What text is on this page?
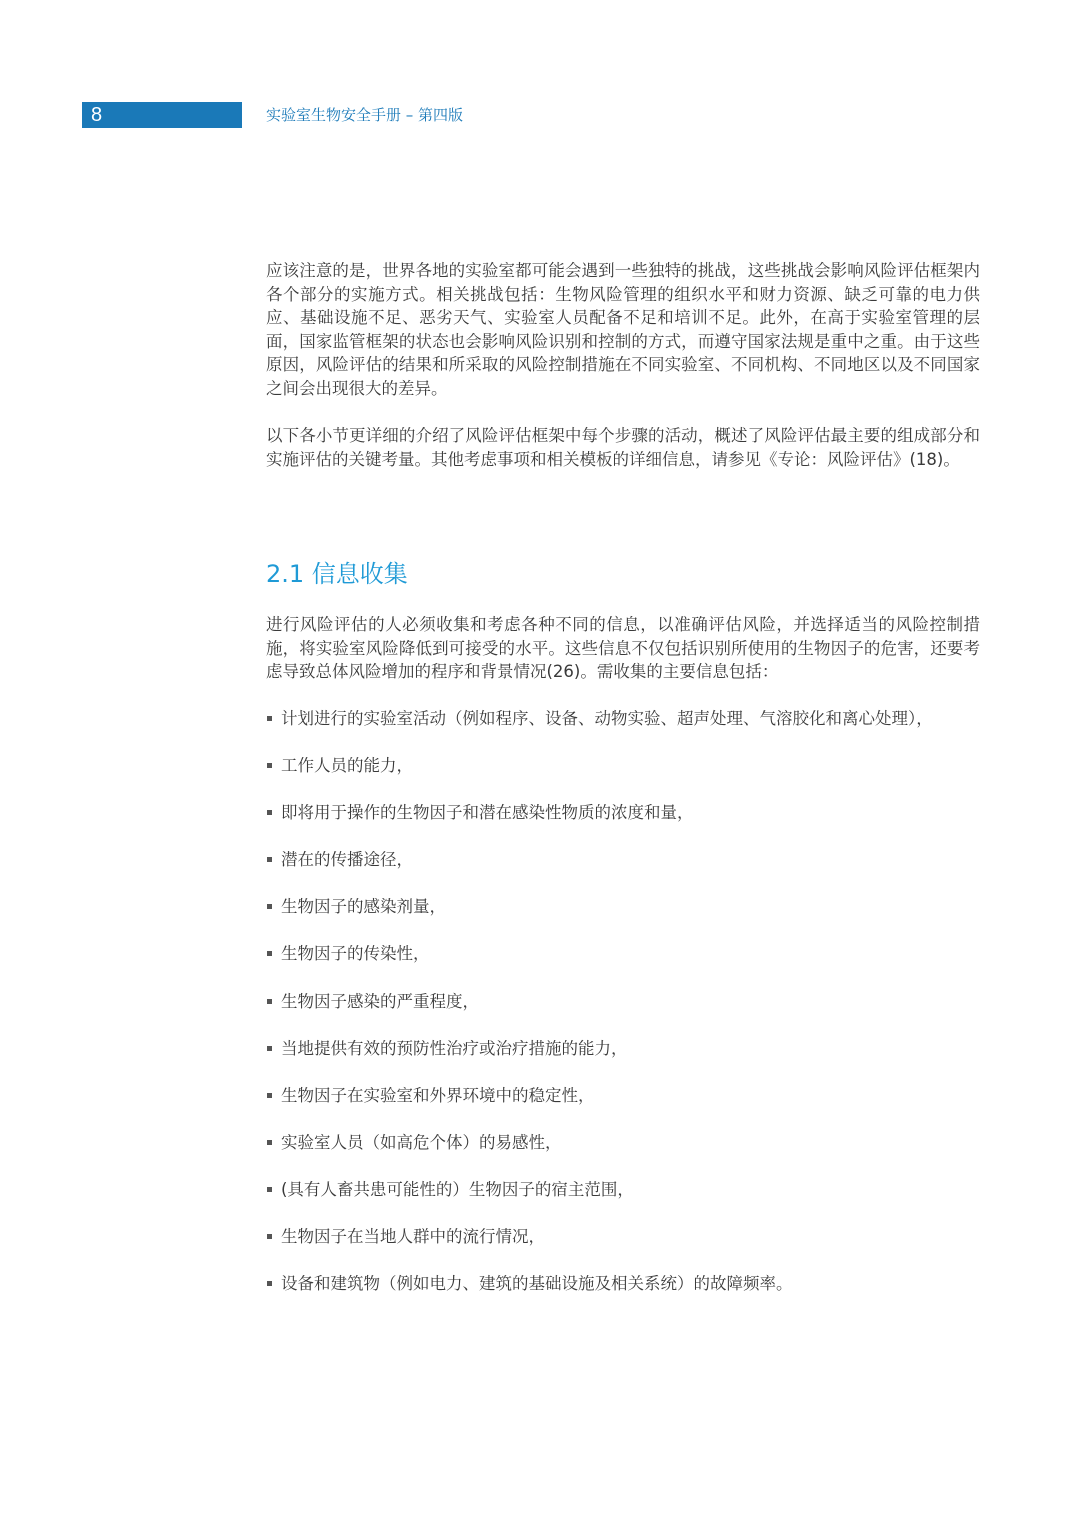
8	实验室生物安全手册 – 第四版

应该注意的是，世界各地的实验室都可能会遇到一些独特的挑战，这些挑战会影响风险评估框架内各个部分的实施方式。相关挑战包括：生物风险管理的组织水平和财力资源、缺乏可靠的电力供应、基础设施不足、恶劣天气、实验室人员配备不足和培训不足。此外，在高于实验室管理的层面，国家监管框架的状态也会影响风险识别和控制的方式，而遵守国家法规是重中之重。由于这些原因，风险评估的结果和所采取的风险控制措施在不同实验室、不同机构、不同地区以及不同国家之间会出现很大的差异。

以下各小节更详细的介绍了风险评估框架中每个步骤的活动，概述了风险评估最主要的组成部分和实施评估的关键考量。其他考虑事项和相关模板的详细信息，请参见《专论：风险评估》(18)。

2.1 信息收集

进行风险评估的人必须收集和考虑各种不同的信息，以准确评估风险，并选择适当的风险控制措施，将实验室风险降低到可接受的水平。这些信息不仅包括识别所使用的生物因子的危害，还要考虑导致总体风险增加的程序和背景情况(26)。需收集的主要信息包括：

计划进行的实验室活动（例如程序、设备、动物实验、超声处理、气溶胶化和离心处理），
工作人员的能力，
即将用于操作的生物因子和潜在感染性物质的浓度和量，
潜在的传播途径，
生物因子的感染剂量，
生物因子的传染性，
生物因子感染的严重程度，
当地提供有效的预防性治疗或治疗措施的能力，
生物因子在实验室和外界环境中的稳定性，
实验室人员（如高危个体）的易感性，
(具有人畜共患可能性的）生物因子的宿主范围，
生物因子在当地人群中的流行情况，
设备和建筑物（例如电力、建筑的基础设施及相关系统）的故障频率。
